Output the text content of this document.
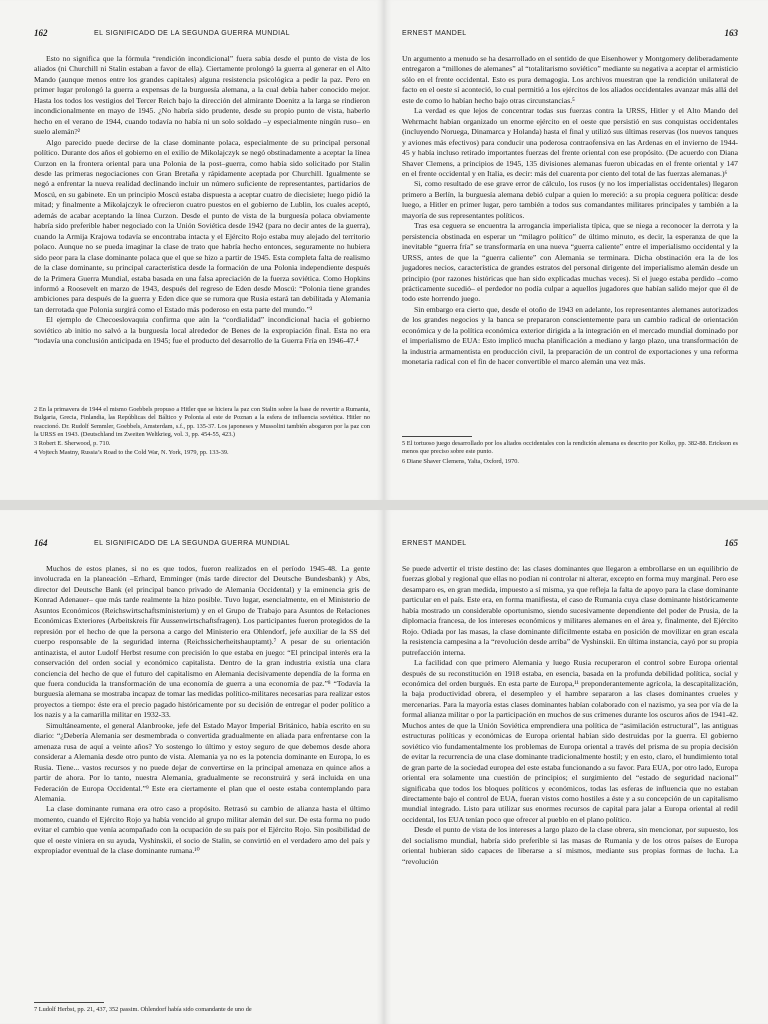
162	EL SIGNIFICADO DE LA SEGUNDA GUERRA MUNDIAL

Esto no significa que la fórmula “rendición incondicional” fuera sabia desde el punto de vista de los aliados (ni Churchill ni Stalin estaban a favor de ella). Ciertamente prolongó la guerra al generar en el Alto Mando (aunque menos entre los grandes capitales) alguna resistencia psicológica a pedir la paz. Pero en primer lugar prolongó la guerra a expensas de la burguesía alemana, a la cual debía haber conocido mejor. Hasta los todos los vestigios del Tercer Reich bajo la dirección del almirante Doenitz a la larga se rindieron incondicionalmente en mayo de 1945. ¿No habría sido prudente, desde su propio punto de vista, haberlo hecho en el verano de 1944, cuando todavía no había ni un solo soldado –y especialmente ningún ruso– en suelo alemán?²

Algo parecido puede decirse de la clase dominante polaca, especialmente de su principal personal político. Durante dos años el gobierno en el exilio de Mikolajczyk se negó obstinadamente a aceptar la línea Curzon en la frontera oriental para una Polonia de la post–guerra, como había sido solicitado por Stalin desde las primeras negociaciones con Gran Bretaña y rápidamente aceptada por Churchill. Igualmente se negó a enfrentar la nueva realidad declinando incluir un número suficiente de representantes, partidarios de Moscú, en su gabinete. En un principio Moscú estaba dispuesta a aceptar cuatro de diecisiete; luego pidió la mitad; y finalmente a Mikolajczyk le ofrecieron cuatro puestos en el gobierno de Lublin, los cuales aceptó, además de acabar aceptando la línea Curzon. Desde el punto de vista de la burguesía polaca obviamente habría sido preferible haber negociado con la Unión Soviética desde 1942 (para no decir antes de la guerra), cuando la Armija Krajowa todavía se encontraba intacta y el Ejército Rojo estaba muy alejado del territorio polaco. Aunque no se pueda imaginar la clase de trato que habría hecho entonces, seguramente no hubiera sido peor para la clase dominante polaca que el que se hizo a partir de 1945. Esta completa falta de realismo de la clase dominante, su principal característica desde la formación de una Polonia independiente después de la Primera Guerra Mundial, estaba basada en una falsa apreciación de la fuerza soviética. Como Hopkins informó a Roosevelt en marzo de 1943, después del regreso de Eden desde Moscú: “Polonia tiene grandes ambiciones para después de la guerra y Eden dice que se rumora que Rusia estará tan debilitada y Alemania tan derrotada que Polonia surgirá como el Estado más poderoso en esta parte del mundo.”³

El ejemplo de Checoeslovaquia confirma que aún la “cordialidad” incondicional hacia el gobierno soviético ab initio no salvó a la burguesía local alrededor de Benes de la expropiación final. Esta no era “todavía una conclusión anticipada en 1945; fue el producto del desarrollo de la Guerra Fría en 1946-47.⁴

2 En la primavera de 1944 el mismo Goebbels propuso a Hitler que se hiciera la paz con Stalin sobre la base de revertir a Rumania, Bulgaria, Grecia, Finlandia, las Repúblicas del Báltico y Polonia al este de Poznan a la esfera de influencia soviética. Hitler no reaccionó. Dr. Rudolf Semmler, Goebbels, Amsterdam, s.f., pp. 135-37. Los japoneses y Mussolini también abogaron por la paz con la URSS en 1943. (Deutschland im Zweiten Weltkrieg, vol. 3, pp. 454-55, 423.)

3 Robert E. Sherwood, p. 710.

4 Vojtech Mastny, Russia’s Road to the Cold War, N. York, 1979, pp. 133-39.

ERNEST MANDEL	163

Un argumento a menudo se ha desarrollado en el sentido de que Eisenhower y Montgomery deliberadamente entregaron a “millones de alemanes” al “totalitarismo soviético” mediante su negativa a aceptar el armisticio sólo en el frente occidental. Esto es pura demagogia. Los archivos muestran que la rendición unilateral de facto en el oeste sí aconteció, lo cual permitió a los ejércitos de los aliados occidentales avanzar más allá del este de como lo habían hecho bajo otras circunstancias.⁵

La verdad es que lejos de concentrar todas sus fuerzas contra la URSS, Hitler y el Alto Mando del Wehrmacht habían organizado un enorme ejército en el oeste que persistió en sus conquistas occidentales (incluyendo Noruega, Dinamarca y Holanda) hasta el final y utilizó sus últimas reservas (los nuevos tanques y aviones más efectivos) para conducir una poderosa contraofensiva en las Ardenas en el invierno de 1944-45 y había incluso retirado importantes fuerzas del frente oriental con ese propósito. (De acuerdo con Diana Shaver Clemens, a principios de 1945, 135 divisiones alemanas fueron ubicadas en el frente oriental y 147 en el frente occidental y en Italia, es decir: más del cuarenta por ciento del total de las fuerzas alemanas.)⁶

Si, como resultado de ese grave error de cálculo, los rusos (y no los imperialistas occidentales) llegaron primero a Berlín, la burguesía alemana debió culpar a quien lo mereció: a su propia ceguera política: desde luego, a Hitler en primer lugar, pero también a todos sus comandantes militares principales y también a la mayoría de sus representantes políticos.

Tras esa ceguera se encuentra la arrogancia imperialista típica, que se niega a reconocer la derrota y la persistencia obstinada en esperar un “milagro político” de último minuto, es decir, la esperanza de que la inevitable “guerra fría” se transformaría en una nueva “guerra caliente” entre el imperialismo occidental y la URSS, antes de que la “guerra caliente” con Alemania se terminara. Dicha obstinación era la de los jugadores necios, característica de grandes estratos del personal dirigente del imperialismo alemán desde un principio (por razones históricas que han sido explicadas muchas veces). Si el juego estaba perdido –como prácticamente sucedió– el perdedor no podía culpar a aquellos jugadores que habían salido mejor que él de todo este horrendo juego.

Sin embargo era cierto que, desde el otoño de 1943 en adelante, los representantes alemanes autorizados de los grandes negocios y la banca se prepararon conscientemente para un cambio radical de orientación económica y de la política económica exterior dirigida a la integración en el mercado mundial dominado por el imperialismo de EUA: Esto implicó mucha planificación a mediano y largo plazo, una transformación de la industria armamentista en producción civil, la preparación de un control de exportaciones y una reforma monetaria radical con el fin de hacer convertible el marco alemán una vez más.

5 El tortuoso juego desarrollado por los aliados occidentales con la rendición alemana es descrito por Kolko, pp. 382-88. Erickson es menos que preciso sobre este punto.

6 Diane Shaver Clemens, Yalta, Oxford, 1970.

164	EL SIGNIFICADO DE LA SEGUNDA GUERRA MUNDIAL

Muchos de estos planes, si no es que todos, fueron realizados en el período 1945-48. La gente involucrada en la planeación –Erhard, Emminger (más tarde director del Deutsche Bundesbank) y Abs, director del Deutsche Bank (el principal banco privado de Alemania Occidental) y la eminencia gris de Konrad Adenauer– que más tarde realmente la hizo posible. Tuvo lugar, esencialmente, en el Ministerio de Asuntos Económicos (Reichswirtschaftsministerium) y en el Grupo de Trabajo para Asuntos de Relaciones Económicas Exteriores (Arbeitskreis für Aussenwirtschaftsfragen). Los participantes fueron protegidos de la represión por el hecho de que la persona a cargo del Ministerio era Ohlendorf, jefe auxiliar de la SS del cuerpo responsable de la seguridad interna (Reichssicherheitshauptamt).⁷ A pesar de su orientación antinazista, el autor Ludolf Herbst resume con precisión lo que estaba en juego: “El principal interés era la conservación del orden social y económico capitalista. Dentro de la gran industria existía una clara conciencia del hecho de que el futuro del capitalismo en Alemania decisivamente dependía de la forma en que fuera conducida la transformación de una economía de guerra a una economía de paz.”⁸ “Todavía la burguesía alemana se mostraba incapaz de tomar las medidas político-militares necesarias para realizar estos proyectos a tiempo: éste era el precio pagado históricamente por su decisión de entregar el poder político a los nazis y a la camarilla militar en 1932-33.

Simultáneamente, el general Alanbrooke, jefe del Estado Mayor Imperial Británico, había escrito en su diario: “¿Debería Alemania ser desmembrada o convertida gradualmente en aliada para enfrentarse con la amenaza rusa de aquí a veinte años? Yo sostengo lo último y estoy seguro de que debemos desde ahora considerar a Alemania desde otro punto de vista. Alemania ya no es la potencia dominante en Europa, lo es Rusia. Tiene... vastos recursos y no puede dejar de convertirse en la principal amenaza en quince años a partir de ahora. Por lo tanto, nuestra Alemania, gradualmente se reconstruirá y será incluida en una Federación de Europa Occidental.”⁹ Este era ciertamente el plan que el oeste estaba contemplando para Alemania.

La clase dominante rumana era otro caso a propósito. Retrasó su cambio de alianza hasta el último momento, cuando el Ejército Rojo ya había vencido al grupo militar alemán del sur. De esta forma no pudo evitar el cambio que venía acompañado con la ocupación de su país por el Ejército Rojo. Sin posibilidad de que el oeste viniera en su ayuda, Vyshinskii, el socio de Stalin, se convirtió en el verdadero amo del país y expropiador eventual de la clase dominante rumana.¹⁰

7 Ludolf Herbst, pp. 21, 437, 352 passim. Ohlendorf había sido comandante de uno de

ERNEST MANDEL	165

Se puede advertir el triste destino de: las clases dominantes que llegaron a embrollarse en un equilibrio de fuerzas global y regional que ellas no podían ni controlar ni alterar, excepto en forma muy marginal. Pero ese desamparo es, en gran medida, impuesto a sí misma, ya que refleja la falta de apoyo para la clase dominante particular en el país. Este era, en forma manifiesta, el caso de Rumania cuya clase dominante históricamente había mostrado un considerable oportunismo, siendo sucesivamente dependiente del poder de Prusia, de la diplomacia francesa, de los intereses económicos y militares alemanes en el área y, finalmente, del Ejército Rojo. Odiada por las masas, la clase dominante difícilmente estaba en posición de movilizar en gran escala la resistencia campesina a la “revolución desde arriba” de Vyshinskii. En última instancia, cayó por su propia putrefacción interna.

La facilidad con que primero Alemania y luego Rusia recuperaron el control sobre Europa oriental después de su reconstitución en 1918 estaba, en esencia, basada en la profunda debilidad política, social y económica del orden burgués. En esta parte de Europa,¹¹ preponderantemente agrícola, la descapitalización, la baja productividad obrera, el desempleo y el hambre separaron a las clases dominantes crueles y mercenarias. Para la mayoría estas clases dominantes habían colaborado con el nazismo, ya sea por vía de la formal alianza militar o por la participación en muchos de sus crímenes durante los oscuros años de 1941-42. Muchos antes de que la Unión Soviética emprendiera una política de “asimilación estructural”, las antiguas estructuras políticas y económicas de Europa oriental habían sido destruidas por la guerra. El gobierno soviético vio fundamentalmente los problemas de Europa oriental a través del prisma de su propia decisión de evitar la recurrencia de una clase dominante tradicionalmente hostil; y en esto, claro, el hundimiento total de gran parte de la sociedad europea del este estaba funcionando a su favor. Para EUA, por otro lado, Europa oriental era solamente una cuestión de principios; el surgimiento del “estado de seguridad nacional” significaba que todos los bloques políticos y económicos, todas las esferas de influencia que no estaban directamente bajo el control de EUA, fueran vistos como hostiles a éste y a su concepción de un capitalismo mundial integrado. Listo para utilizar sus enormes recursos de capital para jalar a Europa oriental al redil occidental, los EUA tenían poco que ofrecer al pueblo en el plano político.

Desde el punto de vista de los intereses a largo plazo de la clase obrera, sin mencionar, por supuesto, los del socialismo mundial, habría sido preferible si las masas de Rumania y de los otros países de Europa oriental hubieran sido capaces de liberarse a sí mismos, mediante sus propias formas de lucha. La “revolución
